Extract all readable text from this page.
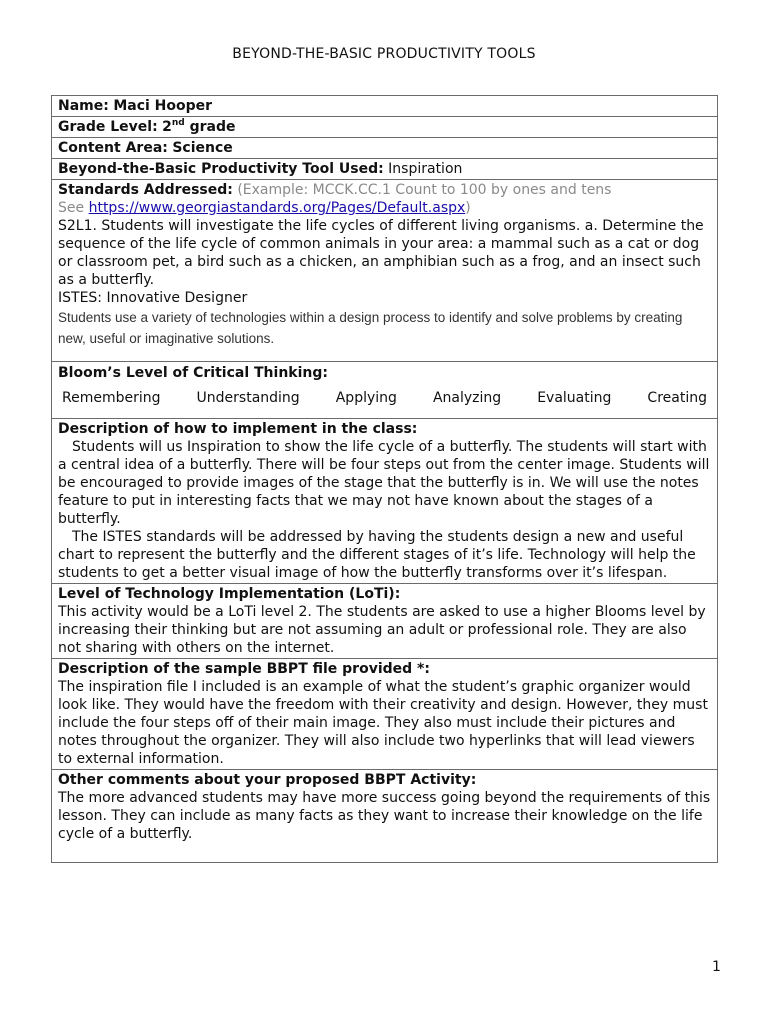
BEYOND-THE-BASIC PRODUCTIVITY TOOLS
Name: Maci Hooper
Grade Level: 2nd grade
Content Area: Science
Beyond-the-Basic Productivity Tool Used: Inspiration

Standards Addressed: (Example: MCCK.CC.1 Count to 100 by ones and tens
See https://www.georgiastandards.org/Pages/Default.aspx)

S2L1. Students will investigate the life cycles of different living organisms. a. Determine the sequence of the life cycle of common animals in your area: a mammal such as a cat or dog or classroom pet, a bird such as a chicken, an amphibian such as a frog, and an insect such as a butterfly.

ISTES: Innovative Designer

Students use a variety of technologies within a design process to identify and solve problems by creating new, useful or imaginative solutions.

Bloom’s Level of Critical Thinking:
Remembering	Understanding	Applying	Analyzing	Evaluating	Creating

Description of how to implement in the class:

Students will us Inspiration to show the life cycle of a butterfly. The students will start with a central idea of a butterfly. There will be four steps out from the center image. Students will be encouraged to provide images of the stage that the butterfly is in. We will use the notes feature to put in interesting facts that we may not have known about the stages of a butterfly.

The ISTES standards will be addressed by having the students design a new and useful chart to represent the butterfly and the different stages of it’s life. Technology will help the students to get a better visual image of how the butterfly transforms over it’s lifespan.

Level of Technology Implementation (LoTi):

This activity would be a LoTi level 2. The students are asked to use a higher Blooms level by increasing their thinking but are not assuming an adult or professional role. They are also not sharing with others on the internet.

Description of the sample BBPT file provided *:

The inspiration file I included is an example of what the student’s graphic organizer would look like. They would have the freedom with their creativity and design. However, they must include the four steps off of their main image. They also must include their pictures and notes throughout the organizer. They will also include two hyperlinks that will lead viewers to external information.

Other comments about your proposed BBPT Activity:

The more advanced students may have more success going beyond the requirements of this lesson. They can include as many facts as they want to increase their knowledge on the life cycle of a butterfly.

1
